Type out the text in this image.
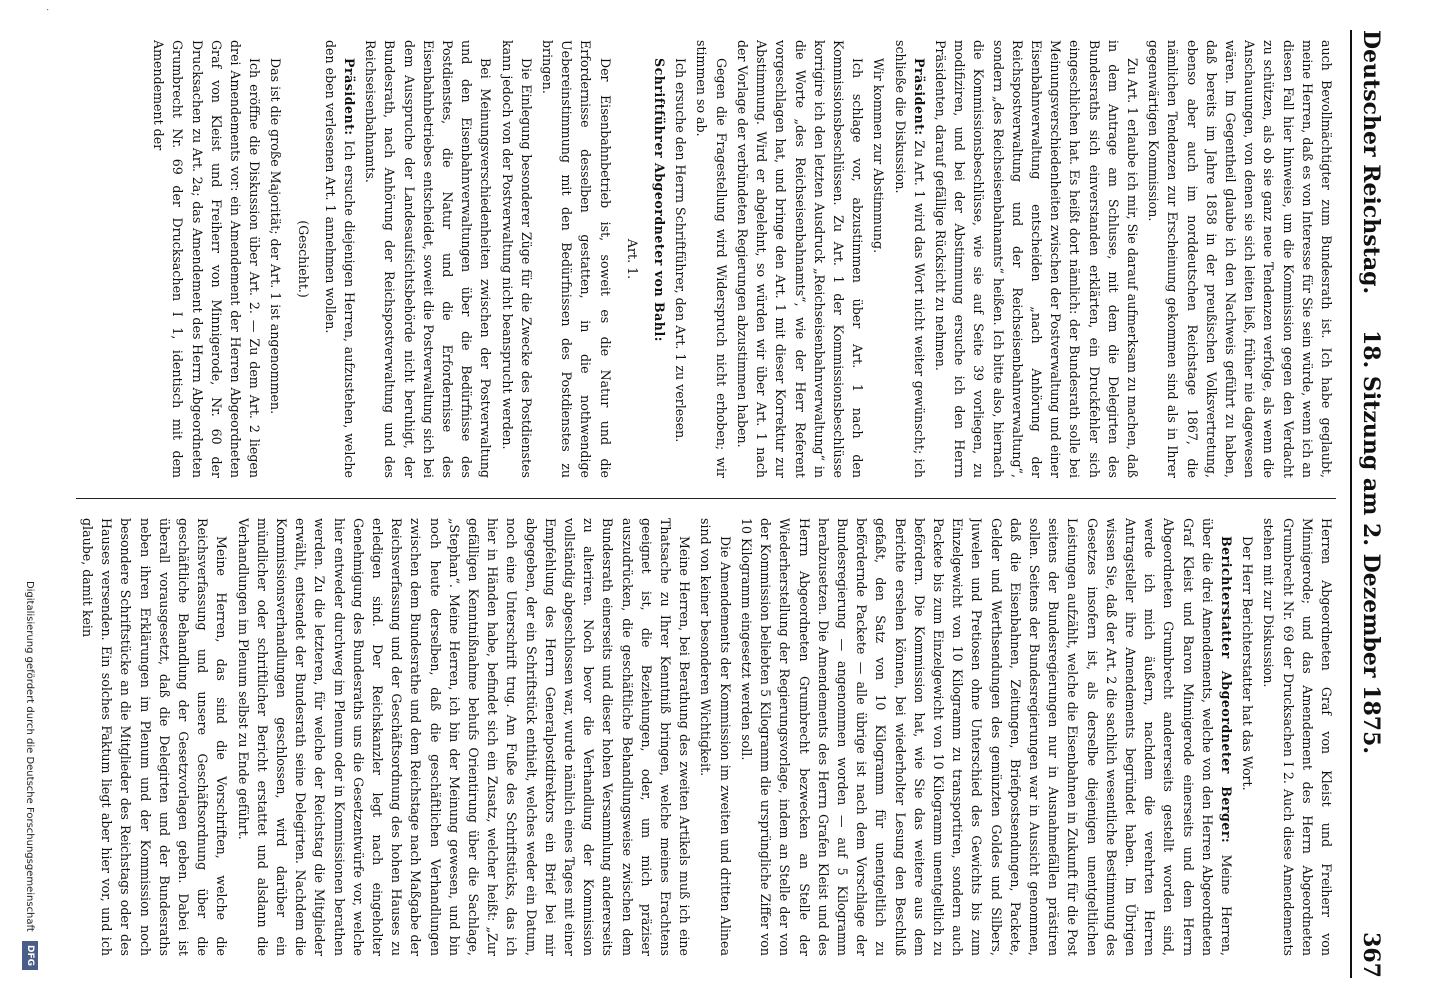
Deutscher Reichstag.
18. Sitzung am 2. Dezember 1875.
367

auch Bevollmächtigter zum Bundesrath ist. Ich habe geglaubt, meine Herren, daß es von Interesse für Sie sein würde, wenn ich an diesen Fall hier hinweise, um die Kommission gegen den Verdacht zu schützen, als ob sie ganz neue Tendenzen verfolge, als wenn die Anschauungen, von denen sie sich leiten ließ, früher nie dagewesen wären. Im Gegentheil glaube ich den Nachweis geführt zu haben, daß bereits im Jahre 1858 in der preußischen Volksvertretung, ebenso aber auch im norddeutschen Reichstage 1867, die nämlichen Tendenzen zur Erscheinung gekommen sind als in Ihrer gegenwärtigen Kommission.

Zu Art. 1 erlaube ich mir, Sie darauf aufmerksam zu machen, daß in dem Antrage am Schlusse, mit dem die Delegirten des Bundesraths sich einverstanden erklärten, ein Druckfehler sich eingeschlichen hat. Es heißt dort nämlich: der Bundesrath solle bei Meinungsverschiedenheiten zwischen der Postverwaltung und einer Eisenbahnverwaltung entscheiden „nach Anhörung der Reichspostverwaltung und der Reichseisenbahnverwaltung“, sondern „des Reichseisenbahnamts“ heißen. Ich bitte also, hiernach die Kommissionsbeschlüsse, wie sie auf Seite 39 vorliegen, zu modifiziren, und bei der Abstimmung ersuche ich den Herrn Präsidenten, darauf gefällige Rücksicht zu nehmen.

Präsident: Zu Art. 1 wird das Wort nicht weiter gewünscht; ich schließe die Diskussion.

Wir kommen zur Abstimmung.

Ich schlage vor, abzustimmen über Art. 1 nach den Kommissionsbeschlüssen. Zu Art. 1 der Kommissionsbeschlüsse korrigire ich den letzten Ausdruck „Reichseisenbahnverwaltung“ in die Worte „des Reichseisenbahnamts“, wie der Herr Referent vorgeschlagen hat, und bringe den Art. 1 mit dieser Korrektur zur Abstimmung. Wird er abgelehnt, so würden wir über Art. 1 nach der Vorlage der verbündeten Regierungen abzustimmen haben.

Gegen die Fragestellung wird Widerspruch nicht erhoben; wir stimmen so ab.

Ich ersuche den Herrn Schriftführer, den Art. 1 zu verlesen.

Schriftführer Abgeordneter von Bahl:

Art. 1.

Der Eisenbahnbetrieb ist, soweit es die Natur und die Erfordernisse desselben gestatten, in die nothwendige Uebereinstimmung mit den Bedürfnissen des Postdienstes zu bringen.

Die Einlegung besonderer Züge für die Zwecke des Postdienstes kann jedoch von der Postverwaltung nicht beansprucht werden.

Bei Meinungsverschiedenheiten zwischen der Postverwaltung und den Eisenbahnverwaltungen über die Bedürfnisse des Postdienstes, die Natur und die Erfordernisse des Eisenbahnbetriebes entscheidet, soweit die Postverwaltung sich bei dem Ausspruche der Landesaufsichtsbehörde nicht beruhigt, der Bundesrath, nach Anhörung der Reichspostverwaltung und des Reichseisenbahnamts.

Präsident: Ich ersuche diejenigen Herren, aufzustehen, welche den eben verlesenen Art. 1 annehmen wollen.

(Geschieht.)

Das ist die große Majorität; der Art. 1 ist angenommen.

Ich eröffne die Diskussion über Art. 2. — Zu dem Art. 2 liegen drei Amendements vor: ein Amendement der Herren Abgeordneten Graf von Kleist und Freiherr von Minnigerode, Nr. 60 der Drucksachen zu Art. 2a; das Amendement des Herrn Abgeordneten Grumbrecht Nr. 69 der Drucksachen I 1, identisch mit dem Amendement der

Herren Abgeordneten Graf von Kleist und Freiherr von Minnigerode; und das Amendement des Herrn Abgeordneten Grumbrecht Nr. 69 der Drucksachen I 2. Auch diese Amendements stehen mit zur Diskussion.

Der Herr Berichterstatter hat das Wort.

Berichterstatter Abgeordneter Berger: Meine Herren, über die drei Amendements, welche von den Herren Abgeordneten Graf Kleist und Baron Minnigerode einerseits und dem Herrn Abgeordneten Grumbrecht andererseits gestellt worden sind, werde ich mich äußern, nachdem die verehrten Herren Antragsteller ihre Amendements begründet haben. Im Übrigen wissen Sie, daß der Art. 2 die sachlich wesentliche Bestimmung des Gesetzes insofern ist, als derselbe diejenigen unentgeltlichen Leistungen aufzählt, welche die Eisenbahnen in Zukunft für die Post seitens der Bundesregierungen nur in Ausnahmefällen prästiren sollen. Seitens der Bundesregierungen war in Aussicht genommen, daß die Eisenbahnen, Zeitungen, Briefpostsendungen, Packete, Gelder und Werthsendungen des gemünzten Goldes und Silbers, Juwelen und Pretiosen ohne Unterschied des Gewichts bis zum Einzelgewicht von 10 Kilogramm zu transportiren, sondern auch Packete bis zum Einzelgewicht von 10 Kilogramm unentgeltlich zu befördern. Die Kommission hat, wie Sie das weitere aus dem Berichte ersehen können, bei wiederholter Lesung den Beschluß gefaßt, den Satz von 10 Kilogramm für unentgeltlich zu befördernde Packete — alle übrige ist nach dem Vorschlage der Bundesregierung — angenommen worden — auf 5 Kilogramm herabzusetzen. Die Amendements des Herrn Grafen Kleist und des Herrn Abgeordneten Grumbrecht bezwecken an Stelle der Wiederherstellung der Regierungsvorlage, indem an Stelle der von der Kommission beliebten 5 Kilogramm die ursprüngliche Ziffer von 10 Kilogramm eingesetzt werden soll.

Die Amendements der Kommission im zweiten und dritten Alinea sind von keiner besonderen Wichtigkeit.

Meine Herren, bei Berathung des zweiten Artikels muß ich eine Thatsache zu Ihrer Kenntniß bringen, welche meines Erachtens geeignet ist, die Beziehungen, oder, um mich präziser auszudrücken, die geschäftliche Behandlungsweise zwischen dem Bundesrath einerseits und dieser hohen Versammlung andererseits zu alteriren. Noch bevor die Verhandlung der Kommission vollständig abgeschlossen war, wurde nämlich eines Tages mit einer Empfehlung des Herrn Generalpostdirektors ein Brief bei mir abgegeben, der ein Schriftstück enthielt, welches weder ein Datum, noch eine Unterschrift trug. Am Fuße des Schriftstücks, das ich hier in Händen habe, befindet sich ein Zusatz, welcher heißt: „Zur gefälligen Kenntnißnahme behufs Orientirung über die Sachlage, „Stephan“. Meine Herren, ich bin der Meinung gewesen, und bin noch heute derselben, daß die geschäftlichen Verhandlungen zwischen dem Bundesrathe und dem Reichstage nach Maßgabe der Reichsverfassung und der Geschäftsordnung des hohen Hauses zu erledigen sind. Der Reichskanzler legt nach eingeholter Genehmigung des Bundesraths uns die Gesetzentwürfe vor, welche hier entweder durchweg im Plenum oder in Kommissionen berathen werden. Zu die letzteren, für welche der Reichstag die Mitglieder erwählt, entsendet der Bundesrath seine Delegirten. Nachdem die Kommissionsverhandlungen geschlossen, wird darüber ein mündlicher oder schriftlicher Bericht erstattet und alsdann die Verhandlungen im Plenum selbst zu Ende geführt.

Meine Herren, das sind die Vorschriften, welche die Reichsverfassung und unsere Geschäftsordnung über die geschäftliche Behandlung der Gesetzvorlagen geben. Dabei ist überall vorausgesetzt, daß die Delegirten und der Bundesraths neben ihren Erklärungen im Plenum und der Kommission noch besondere Schriftstücke an die Mitglieder des Reichstags oder des Hauses versenden. Ein solches Faktum liegt aber hier vor, und ich glaube, damit kein

·
Digitalisierung gefördert durch die Deutsche Forschungsgemeinschaft DFG
